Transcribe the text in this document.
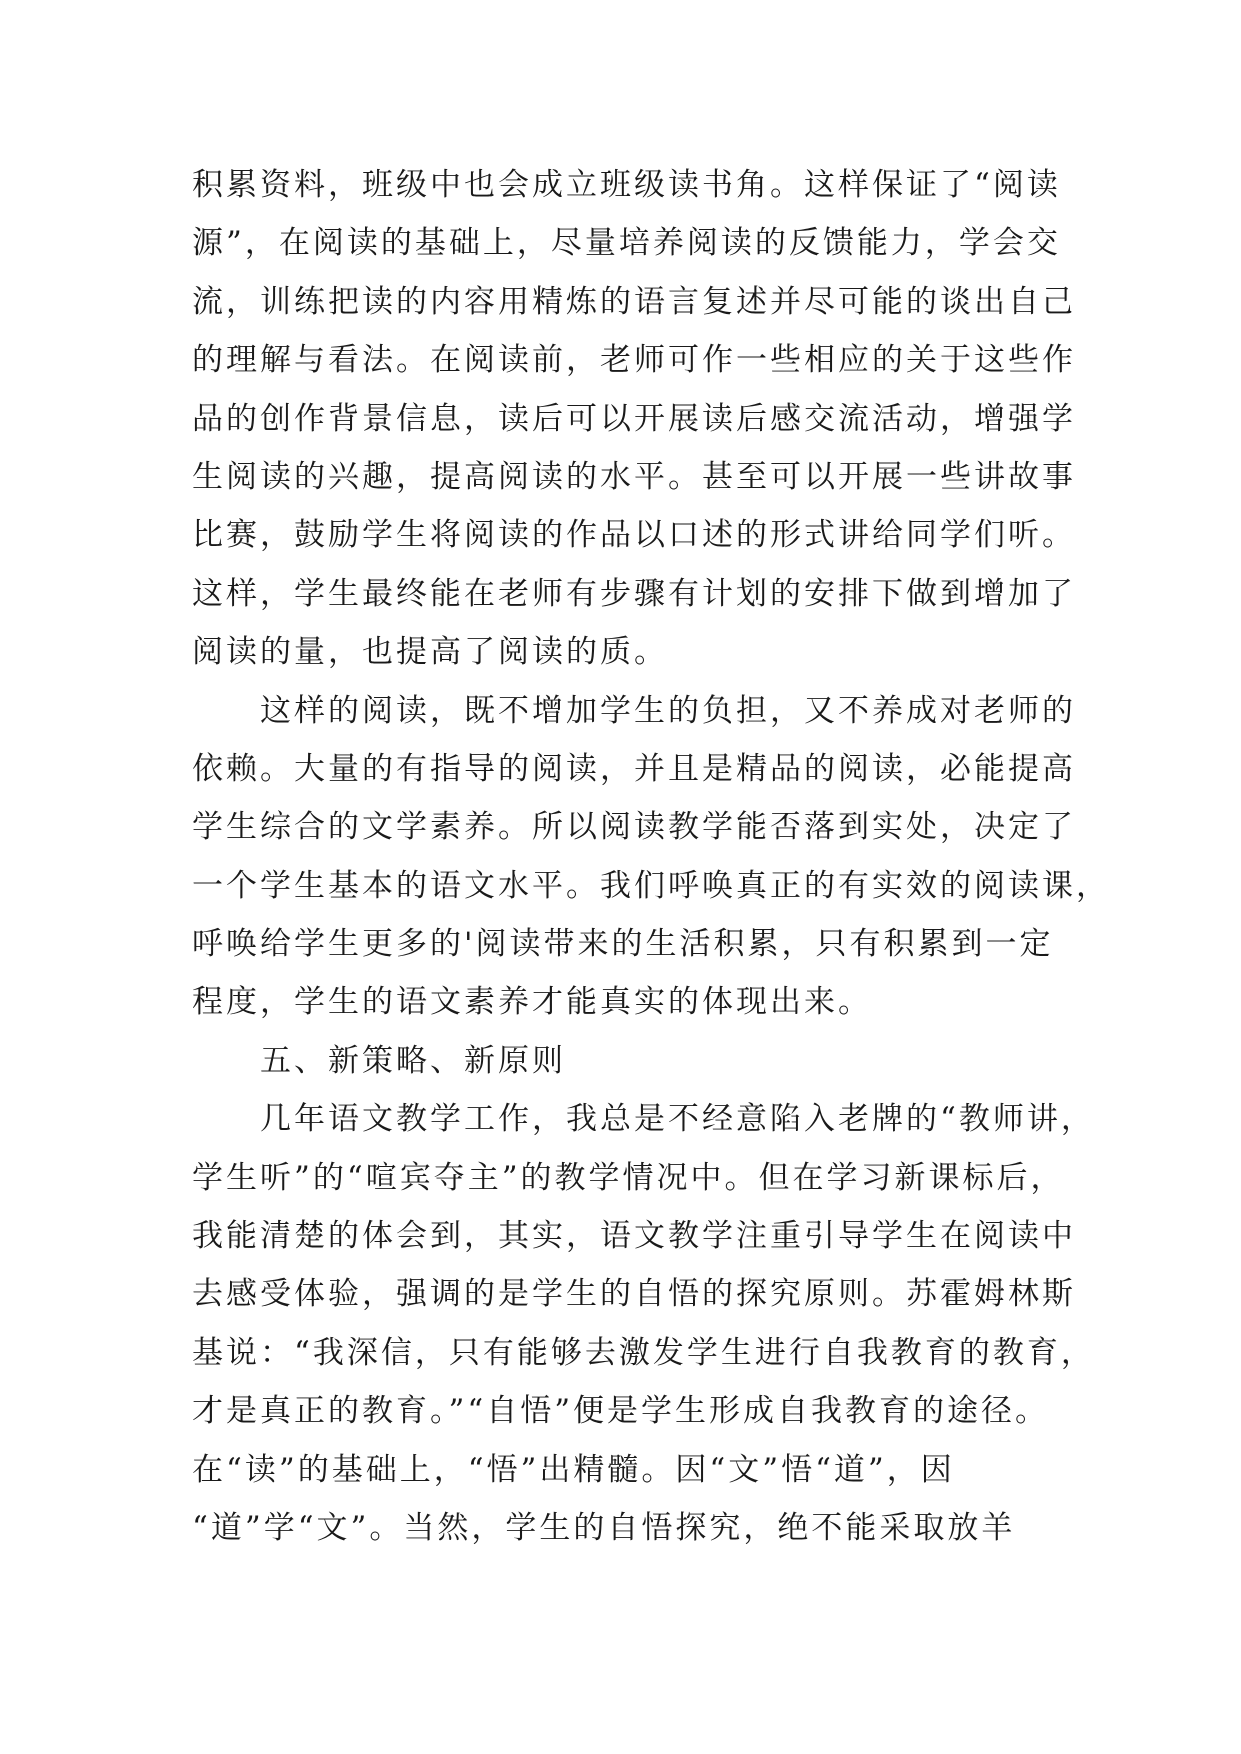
积累资料，班级中也会成立班级读书角。这样保证了“阅读
源”，在阅读的基础上，尽量培养阅读的反馈能力，学会交
流，训练把读的内容用精炼的语言复述并尽可能的谈出自己
的理解与看法。在阅读前，老师可作一些相应的关于这些作
品的创作背景信息，读后可以开展读后感交流活动，增强学
生阅读的兴趣，提高阅读的水平。甚至可以开展一些讲故事
比赛，鼓励学生将阅读的作品以口述的形式讲给同学们听。
这样，学生最终能在老师有步骤有计划的安排下做到增加了
阅读的量，也提高了阅读的质。
这样的阅读，既不增加学生的负担，又不养成对老师的
依赖。大量的有指导的阅读，并且是精品的阅读，必能提高
学生综合的文学素养。所以阅读教学能否落到实处，决定了
一个学生基本的语文水平。我们呼唤真正的有实效的阅读课，
呼唤给学生更多的'阅读带来的生活积累，只有积累到一定
程度，学生的语文素养才能真实的体现出来。
五、新策略、新原则
几年语文教学工作，我总是不经意陷入老牌的“教师讲，
学生听”的“喧宾夺主”的教学情况中。但在学习新课标后，
我能清楚的体会到，其实，语文教学注重引导学生在阅读中
去感受体验，强调的是学生的自悟的探究原则。苏霍姆林斯
基说：“我深信，只有能够去激发学生进行自我教育的教育，
才是真正的教育。”“自悟”便是学生形成自我教育的途径。
在“读”的基础上，“悟”出精髓。因“文”悟“道”，因
“道”学“文”。当然，学生的自悟探究，绝不能采取放羊
